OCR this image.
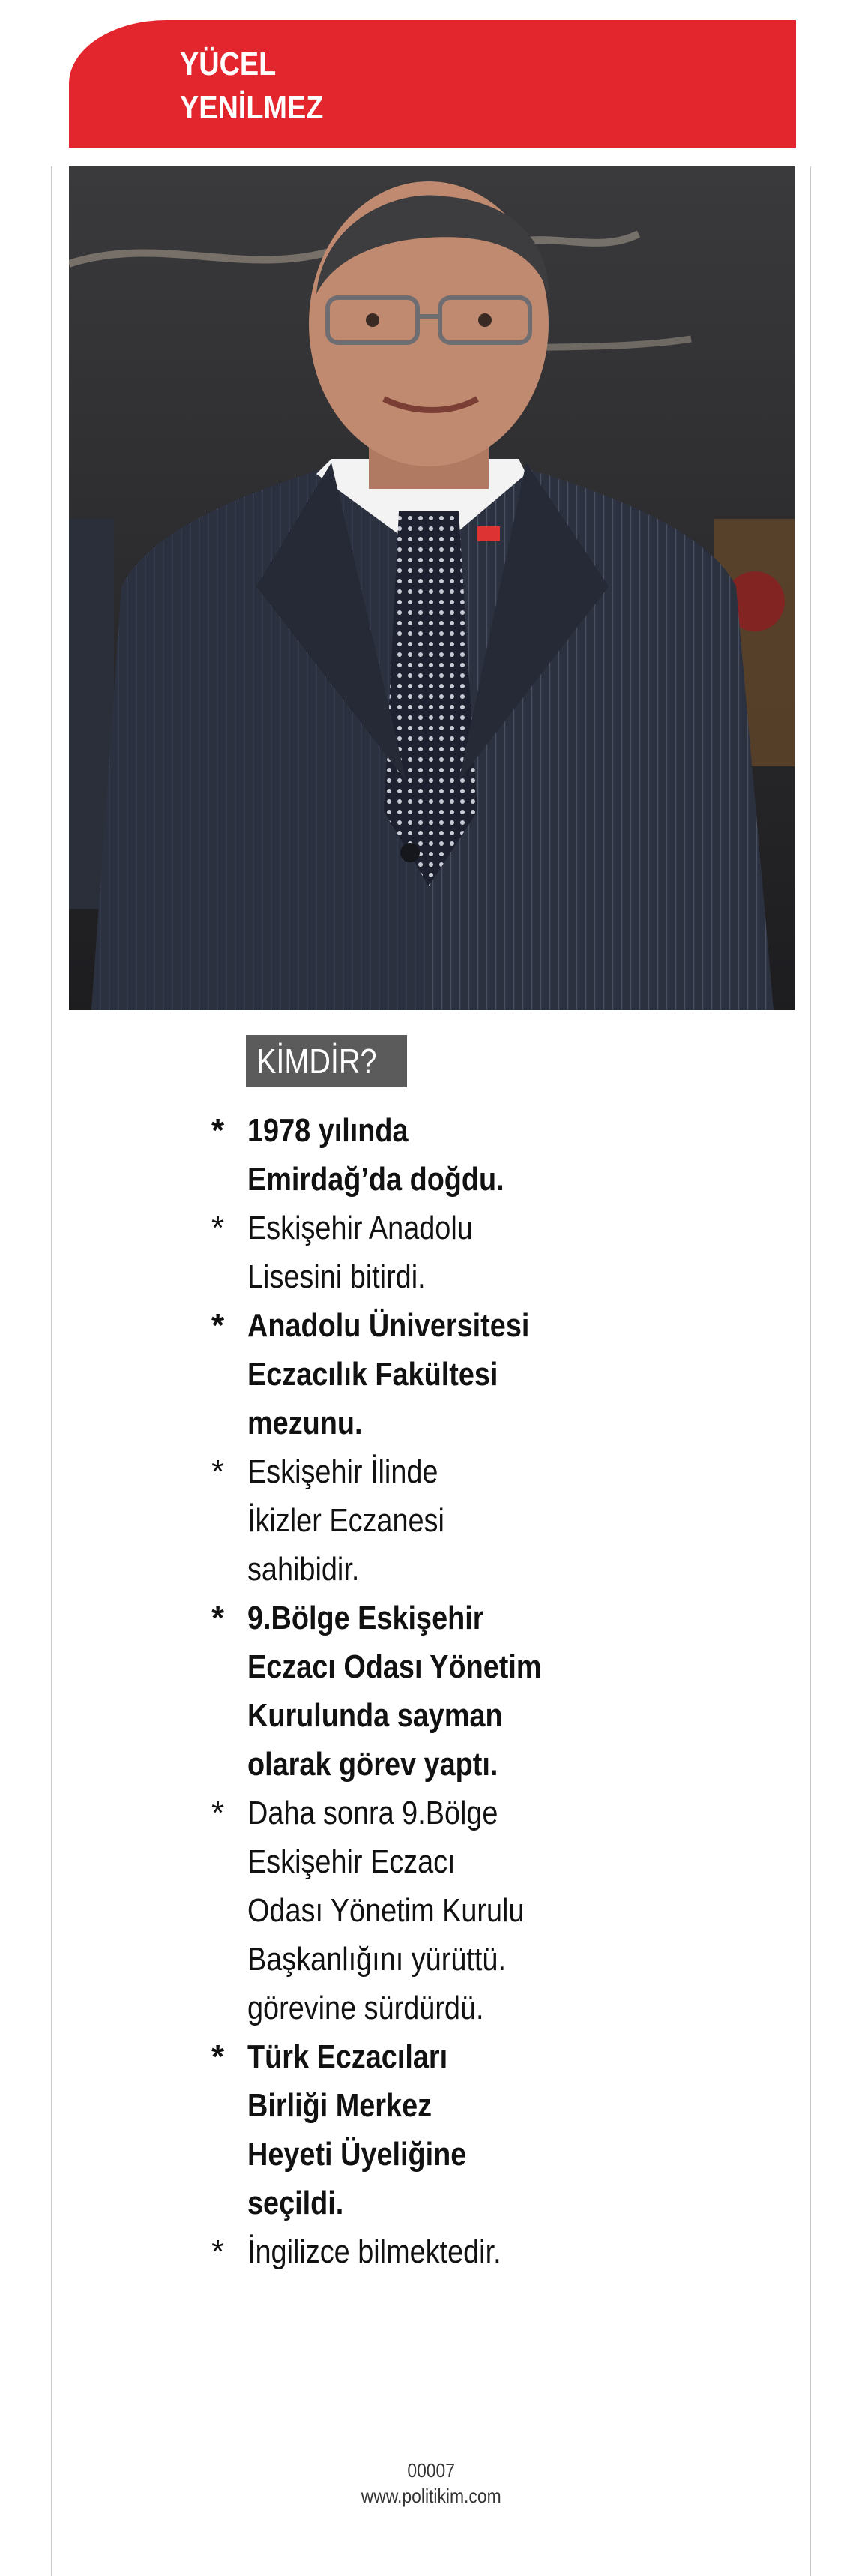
YÜCEL
YENİLMEZ
KİMDİR?
* 1978 yılında
Emirdağ’da doğdu.
* Eskişehir Anadolu
Lisesini bitirdi.
* Anadolu Üniversitesi
Eczacılık Fakültesi
mezunu.
* Eskişehir İlinde
İkizler Eczanesi
sahibidir.
* 9.Bölge Eskişehir
Eczacı Odası Yönetim
Kurulunda sayman
olarak görev yaptı.
* Daha sonra 9.Bölge
Eskişehir Eczacı
Odası Yönetim Kurulu
Başkanlığını yürüttü.
görevine sürdürdü.
* Türk Eczacıları
Birliği Merkez
Heyeti Üyeliğine
seçildi.
* İngilizce bilmektedir.
00007
www.politikim.com
